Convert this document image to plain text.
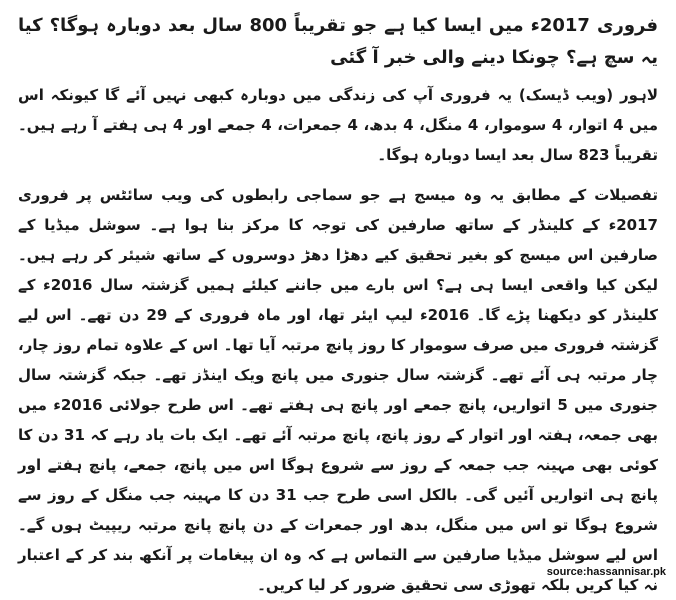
فروری 2017ء میں ایسا کیا ہے جو تقریباً 800 سال بعد دوبارہ ہوگا؟ کیا یہ سچ ہے؟ چونکا دینے والی خبر آ گئی

لاہور (ویب ڈیسک) یہ فروری آپ کی زندگی میں دوبارہ کبھی نہیں آئے گا کیونکہ اس میں 4 اتوار، 4 سوموار، 4 منگل، 4 بدھ، 4 جمعرات، 4 جمعے اور 4 ہی ہفتے آ رہے ہیں۔ تقریباً 823 سال بعد ایسا دوبارہ ہوگا۔

تفصیلات کے مطابق یہ وہ میسج ہے جو سماجی رابطوں کی ویب سائٹس پر فروری 2017ء کے کلینڈر کے ساتھ صارفین کی توجہ کا مرکز بنا ہوا ہے۔ سوشل میڈیا کے صارفین اس میسج کو بغیر تحقیق کیے دھڑا دھڑ دوسروں کے ساتھ شیئر کر رہے ہیں۔ لیکن کیا واقعی ایسا ہی ہے؟ اس بارے میں جاننے کیلئے ہمیں گزشتہ سال 2016ء کے کلینڈر کو دیکھنا پڑے گا۔ 2016ء لیپ ایئر تھا، اور ماہ فروری کے 29 دن تھے۔ اس لیے گزشتہ فروری میں صرف سوموار کا روز پانچ مرتبہ آیا تھا۔ اس کے علاوہ تمام روز چار، چار مرتبہ ہی آئے تھے۔ گزشتہ سال جنوری میں پانچ ویک اینڈز تھے۔ جبکہ گزشتہ سال جنوری میں 5 اتواریں، پانچ جمعے اور پانچ ہی ہفتے تھے۔ اس طرح جولائی 2016ء میں بھی جمعہ، ہفتہ اور اتوار کے روز پانچ، پانچ مرتبہ آئے تھے۔ ایک بات یاد رہے کہ 31 دن کا کوئی بھی مہینہ جب جمعہ کے روز سے شروع ہوگا اس میں پانچ، جمعے، پانچ ہفتے اور پانچ ہی اتواریں آئیں گی۔ بالکل اسی طرح جب 31 دن کا مہینہ جب منگل کے روز سے شروع ہوگا تو اس میں منگل، بدھ اور جمعرات کے دن پانچ پانچ مرتبہ ریپیٹ ہوں گے۔ اس لیے سوشل میڈیا صارفین سے التماس ہے کہ وہ ان پیغامات پر آنکھ بند کر کے اعتبار نہ کیا کریں بلکہ تھوڑی سی تحقیق ضرور کر لیا کریں۔

source:hassannisar.pk
